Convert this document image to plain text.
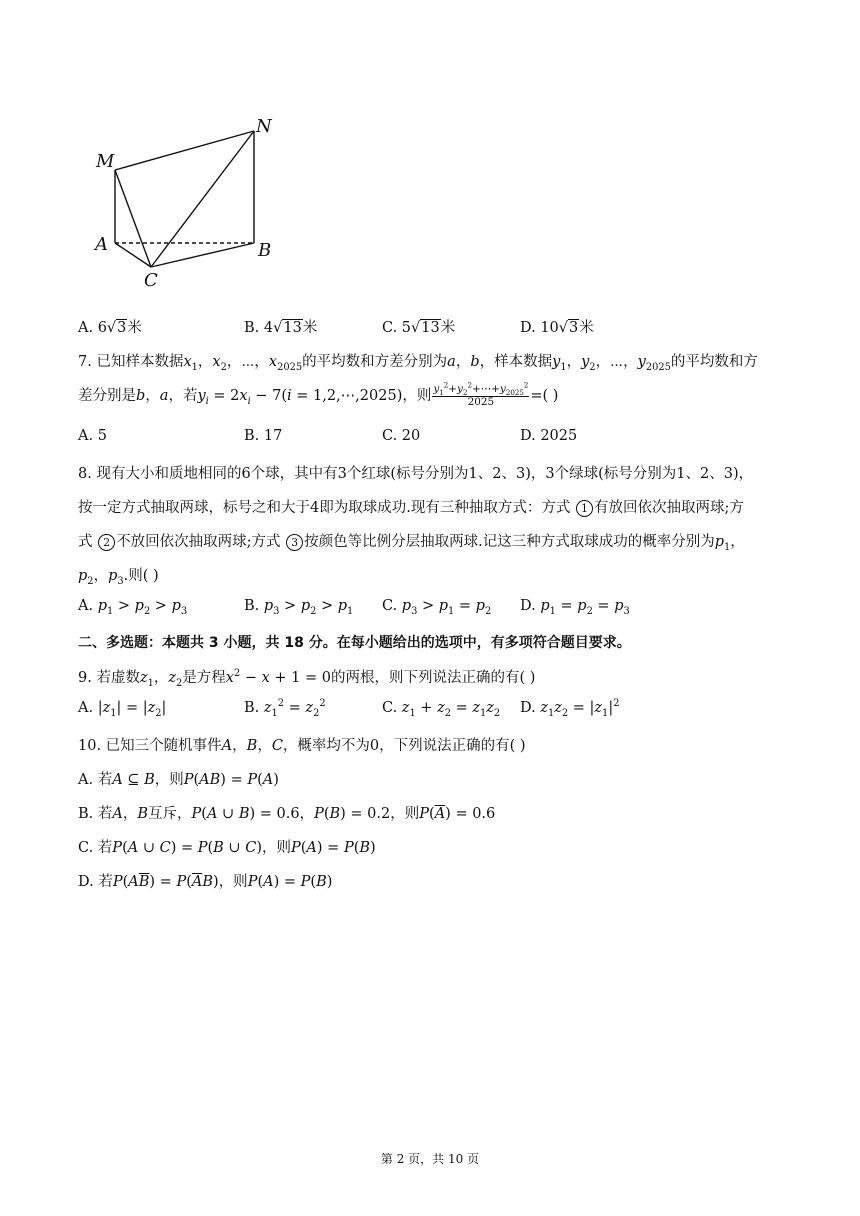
M
N
A	B
C
A. 6√3米	B. 4√13米	C. 5√13米	D. 10√3米
7. 已知样本数据$x_1$，$x_2$，⋯，$x_{2025}$的平均数和方差分别为a，b，样本数据$y_1$，$y_2$，⋯，$y_{2025}$的平均数和方
差分别是b，a，若$y_i = 2x_i - 7(i$ = 1,2,⋯,2025)，则 $\frac{y_1^2+y_2^2+\cdots+y_{2025}^2}{2025}$ =( )
A. 5	B. 17	C. 20	D. 2025
8. 现有大小和质地相同的6个球，其中有3个红球(标号分别为1、2、3)，3个绿球(标号分别为1、2、3)，
按一定方式抽取两球，标号之和大于4即为取球成功.现有三种抽取方式：方式 1 有放回依次抽取两球;方
式 2 不放回依次抽取两球;方式 3 按颜色等比例分层抽取两球.记这三种方式取球成功的概率分别为$p_1$，
$p_2$，$p_3$.则( )
A. $p_1 > p_2 > p_3$	B. $p_3 > p_2 > p_1$ C. $p_3 > p_1 = p_2$ D. $p_1 = p_2 = p_3$
二、多选题：本题共 3 小题，共 18 分。在每小题给出的选项中，有多项符合题目要求。
9. 若虚数$z_1$，$z_2$是方程$x^2 - x + 1 = 0$的两根，则下列说法正确的有( )
A. $|z_1| = |z_2|$	B. $z_1^2 = z_2^2$	C. $z_1 + z_2 = z_1z_2$ D. $z_1z_2 = |z_1|^2$
10. 已知三个随机事件A，B，C，概率均不为0，下列说法正确的有( )
A. 若A ⊆ B，则P(AB) = P(A)
B. 若A，B互斥，P(A ∪ B) = 0.6，P(B) = 0.2，则$P(\overline{A}) = 0.6$
C. 若P(A ∪ C) = P(B ∪ C)，则P(A) = P(B)
D. 若$P(A\overline{B}) = P(\overline{A}B)$，则P(A) = P(B)
第 2 页，共 10 页
